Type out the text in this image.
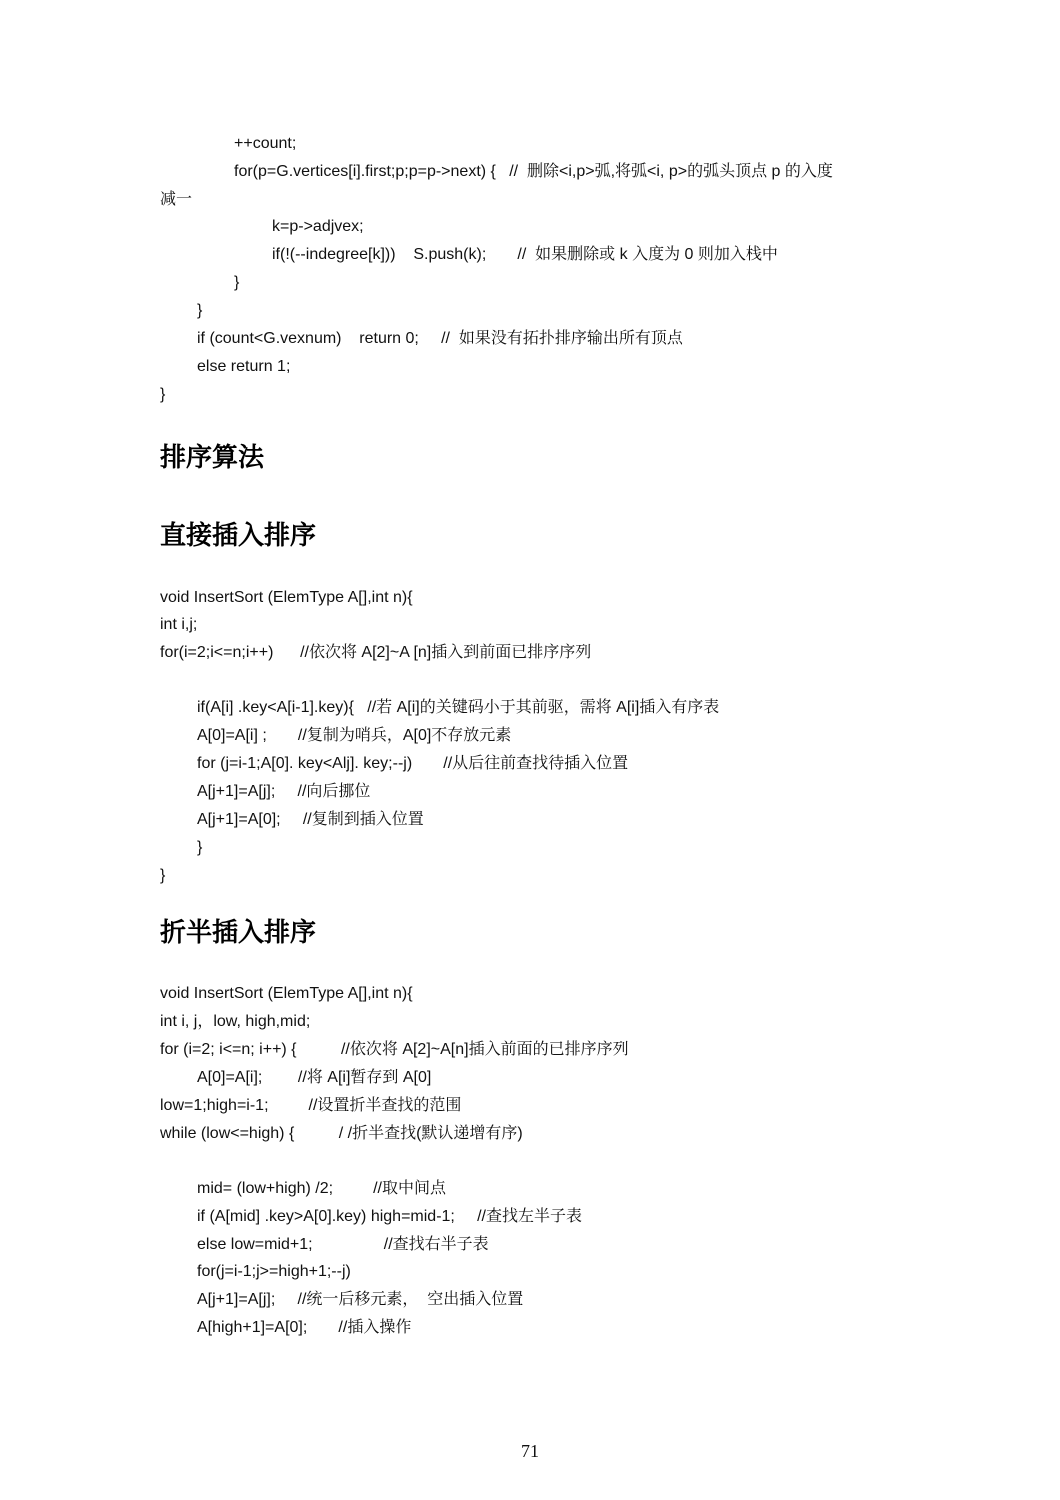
++count;
for(p=G.vertices[i].first;p;p=p->next) {   //  删除<i,p>弧,将弧<i, p>的弧头顶点 p 的入度
减一
k=p->adjvex;
if(!(--indegree[k]))    S.push(k);       //  如果删除或 k 入度为 0 则加入栈中
}
}
if (count<G.vexnum)    return 0;     //  如果没有拓扑排序输出所有顶点
else return 1;
}
排序算法
直接插入排序
void InsertSort (ElemType A[],int n){
int i,j;
for(i=2;i<=n;i++)      //依次将 A[2]~A [n]插入到前面已排序序列
if(A[i] .key<A[i-1].key){   //若 A[i]的关键码小于其前驱，需将 A[i]插入有序表
A[0]=A[i] ;       //复制为哨兵，A[0]不存放元素
for (j=i-1;A[0]. key<Alj]. key;--j)       //从后往前查找待插入位置
A[j+1]=A[j];     //向后挪位
A[j+1]=A[0];     //复制到插入位置
}
}
折半插入排序
void InsertSort (ElemType A[],int n){
int i, j，low, high,mid;
for (i=2; i<=n; i++) {          //依次将 A[2]~A[n]插入前面的已排序序列
A[0]=A[i];        //将 A[i]暂存到 A[0]
low=1;high=i-1;         //设置折半查找的范围
while (low<=high) {          / /折半查找(默认递增有序)
mid= (low+high) /2;         //取中间点
if (A[mid] .key>A[0].key) high=mid-1;     //查找左半子表
else low=mid+1;                //查找右半子表
for(j=i-1;j>=high+1;--j)
A[j+1]=A[j];     //统一后移元素，  空出插入位置
A[high+1]=A[0];       //插入操作
71
